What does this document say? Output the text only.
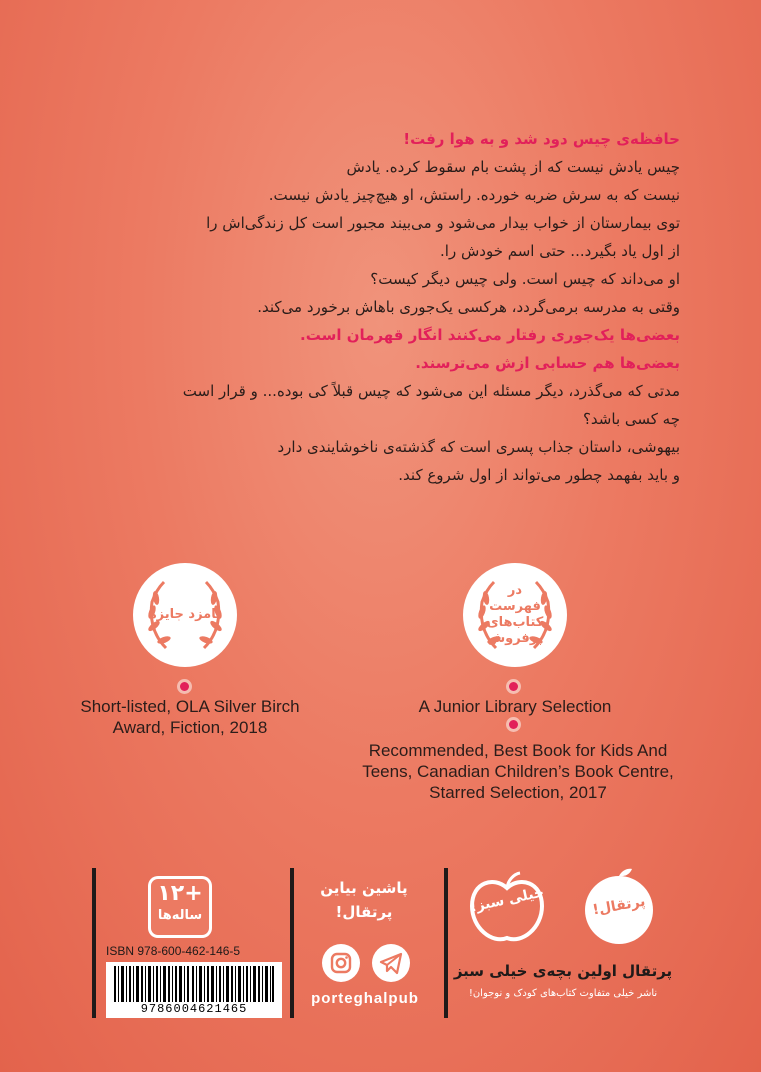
حافظه‌ی چیس دود شد و به هوا رفت!

چیس یادش نیست که از پشت بام سقوط کرده. یادش

نیست که به سرش ضربه خورده. راستش، او هیچ‌چیز یادش نیست.

توی بیمارستان از خواب بیدار می‌شود و می‌بیند مجبور است کل زندگی‌اش را

از اول یاد بگیرد... حتی اسم خودش را.

او می‌داند که چیس است. ولی چیس دیگر کیست؟

وقتی به مدرسه برمی‌گردد، هرکسی یک‌جوری باهاش برخورد می‌کند.

بعضی‌ها یک‌جوری رفتار می‌کنند انگار قهرمان است.

بعضی‌ها هم حسابی ازش می‌ترسند.

مدتی که می‌گذرد، دیگر مسئله این می‌شود که چیس قبلاً کی بوده... و قرار است

چه کسی باشد؟

بیهوشی، داستان جذاب پسری است که گذشته‌ی ناخوشایندی دارد

و باید بفهمد چطور می‌تواند از اول شروع کند.

نامزد جایزه
در فهرست کتاب‌های پرفروش
Short-listed, OLA Silver Birch Award, Fiction, 2018
A Junior Library Selection
Recommended, Best Book for Kids And Teens, Canadian Children’s Book Centre, Starred Selection, 2017
+۱۲
ساله‌ها
ISBN 978-600-462-146-5
9786004621465
پاشین بیاین
پرتقال!
porteghalpub
خیلی سبز!	پرتقال!
پرتقال اولین بچه‌ی خیلی سبز
ناشر خیلی متفاوت کتاب‌های کودک و نوجوان!
